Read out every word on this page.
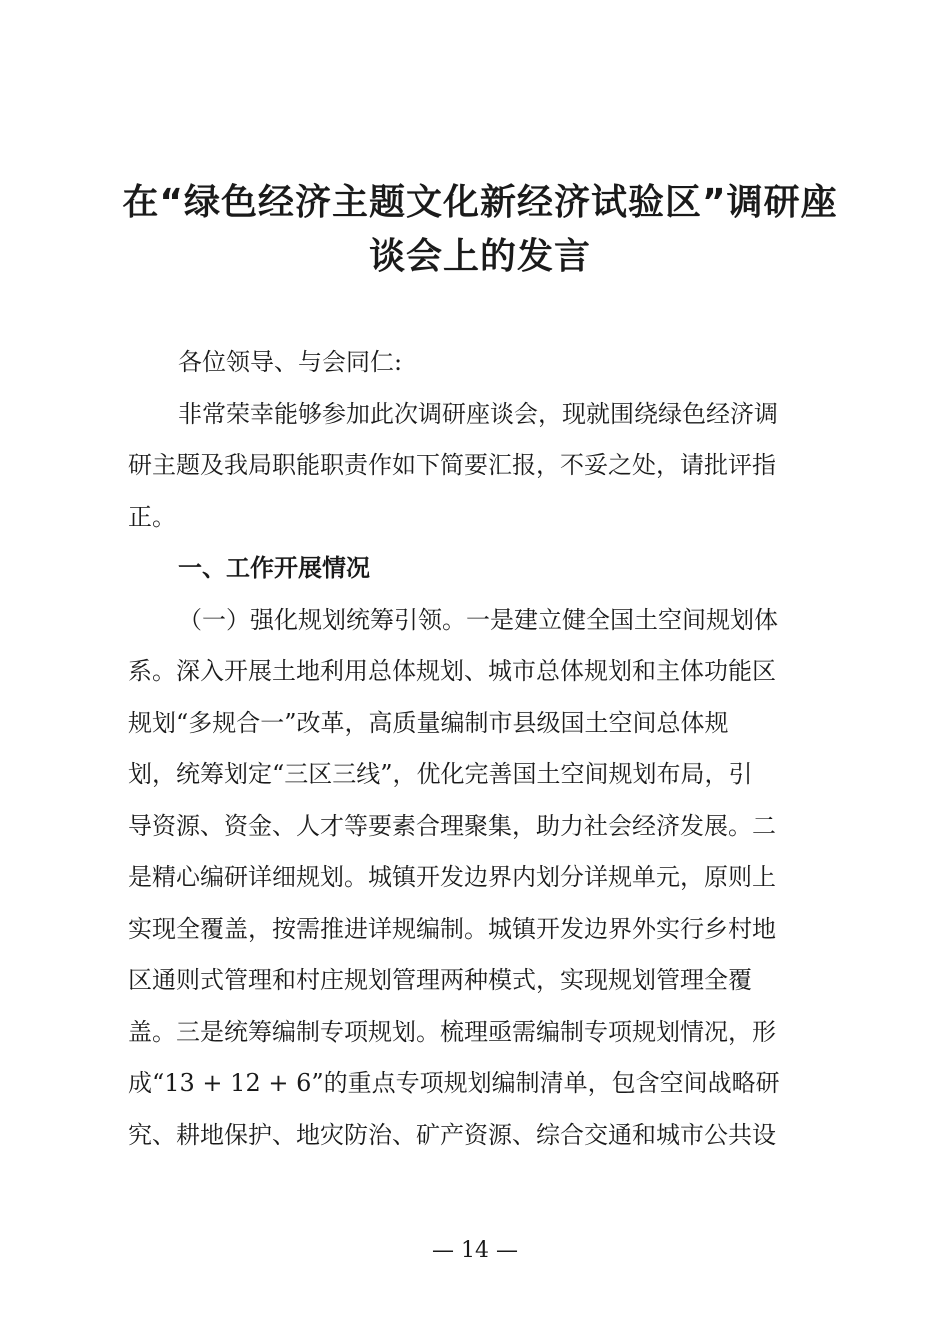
在“绿色经济主题文化新经济试验区”调研座
谈会上的发言
各位领导、与会同仁:
非常荣幸能够参加此次调研座谈会，现就围绕绿色经济调
研主题及我局职能职责作如下简要汇报，不妥之处，请批评指
正。
一、工作开展情况
（一）强化规划统筹引领。一是建立健全国土空间规划体
系。深入开展土地利用总体规划、城市总体规划和主体功能区
规划“多规合一”改革，高质量编制市县级国土空间总体规
划，统筹划定“三区三线”，优化完善国土空间规划布局，引
导资源、资金、人才等要素合理聚集，助力社会经济发展。二
是精心编研详细规划。城镇开发边界内划分详规单元，原则上
实现全覆盖，按需推进详规编制。城镇开发边界外实行乡村地
区通则式管理和村庄规划管理两种模式，实现规划管理全覆
盖。三是统筹编制专项规划。梳理亟需编制专项规划情况，形
成“13 + 12 + 6”的重点专项规划编制清单，包含空间战略研
究、耕地保护、地灾防治、矿产资源、综合交通和城市公共设
— 14 —
